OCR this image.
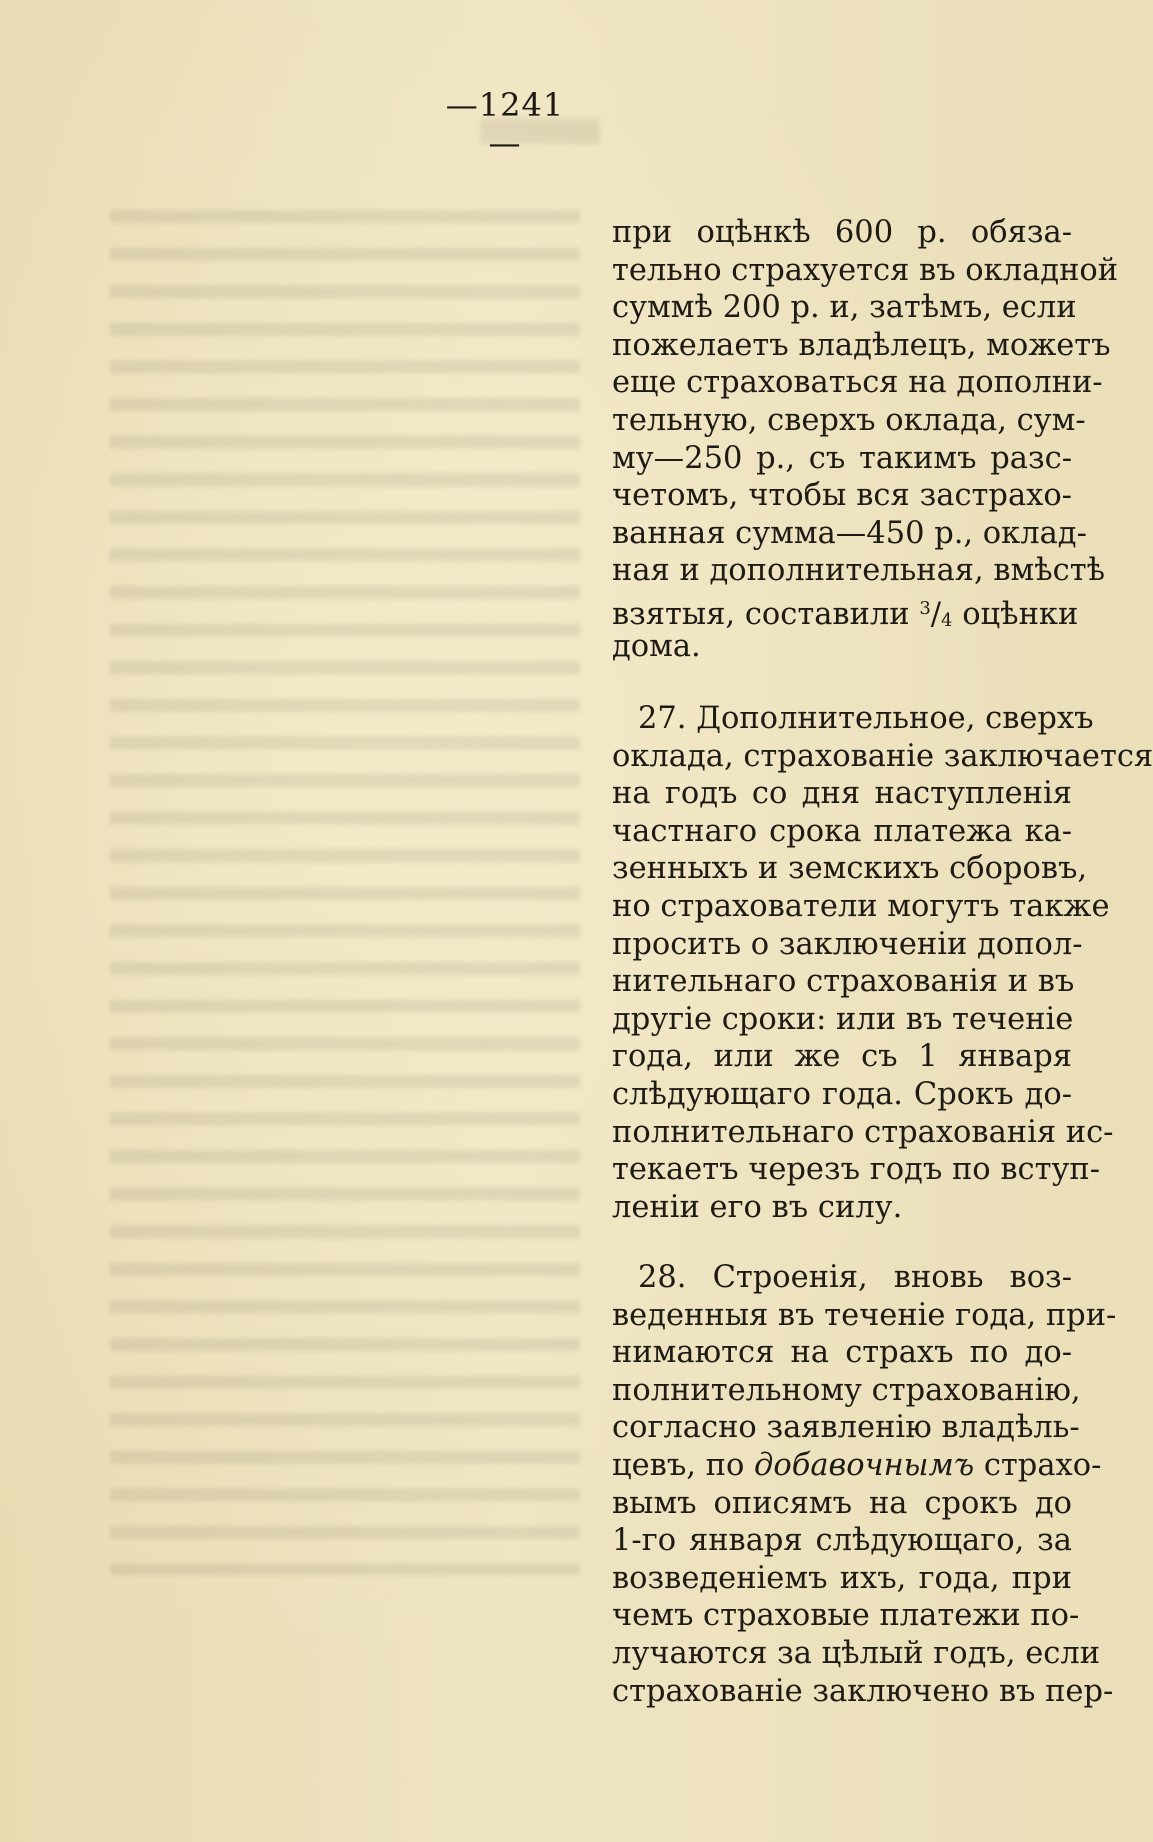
—1241—
при оцѣнкѣ 600 р. обяза-
тельно страхуется въ окладной
суммѣ 200 р. и, затѣмъ, если
пожелаетъ владѣлецъ, можетъ
еще страховаться на дополни-
тельную, сверхъ оклада, сум-
му—250 р., съ такимъ разс-
четомъ, чтобы вся застрахо-
ванная сумма—450 р., оклад-
ная и дополнительная, вмѣстѣ
взятыя, составили $^3/_4$ оцѣнки
дома.
27. Дополнительное, сверхъ
оклада, страхованіе заключается
на годъ со дня наступленія
частнаго срока платежа ка-
зенныхъ и земскихъ сборовъ,
но страхователи могутъ также
просить о заключеніи допол-
нительнаго страхованія и въ
другіе сроки: или въ теченіе
года, или же съ 1 января
слѣдующаго года. Срокъ до-
полнительнаго страхованія ис-
текаетъ черезъ годъ по вступ-
леніи его въ силу.
28. Строенія, вновь воз-
веденныя въ теченіе года, при-
нимаются на страхъ по до-
полнительному страхованію,
согласно заявленію владѣль-
цевъ, по добавочнымъ страхо-
вымъ описямъ на срокъ до
1-го января слѣдующаго, за
возведеніемъ ихъ, года, при
чемъ страховые платежи по-
лучаются за цѣлый годъ, если
страхованіе заключено въ пер-
